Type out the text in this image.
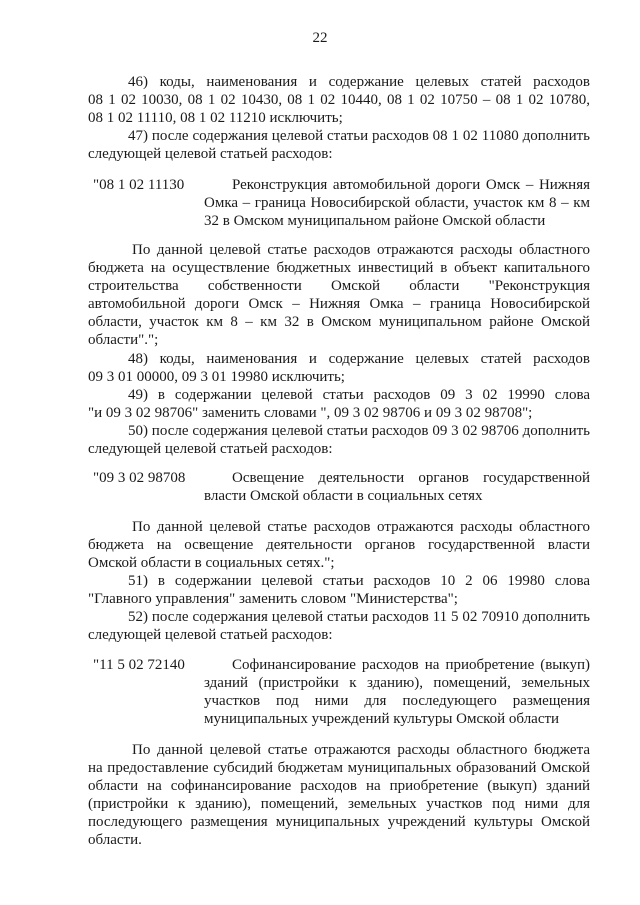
22
46) коды, наименования и содержание целевых статей расходов
08 1 02 10030, 08 1 02 10430, 08 1 02 10440, 08 1 02 10750 – 08 1 02 10780,
08 1 02 11110, 08 1 02 11210 исключить;
47) после содержания целевой статьи расходов 08 1 02 11080 дополнить
следующей целевой статьей расходов:
"08 1 02 11130	Реконструкция автомобильной дороги Омск – Нижняя
Омка – граница Новосибирской области, участок км 8 – км
32 в Омском муниципальном районе Омской области
По данной целевой статье расходов отражаются расходы областного
бюджета на осуществление бюджетных инвестиций в объект капитального
строительства собственности Омской области "Реконструкция
автомобильной дороги Омск – Нижняя Омка – граница Новосибирской
области, участок км 8 – км 32 в Омском муниципальном районе Омской
области".";
48) коды, наименования и содержание целевых статей расходов
09 3 01 00000, 09 3 01 19980 исключить;
49) в содержании целевой статьи расходов 09 3 02 19990 слова
"и 09 3 02 98706" заменить словами ", 09 3 02 98706 и 09 3 02 98708";
50) после содержания целевой статьи расходов 09 3 02 98706 дополнить
следующей целевой статьей расходов:
"09 3 02 98708	Освещение деятельности органов государственной
власти Омской области в социальных сетях
По данной целевой статье расходов отражаются расходы областного
бюджета на освещение деятельности органов государственной власти
Омской области в социальных сетях.";
51) в содержании целевой статьи расходов 10 2 06 19980 слова
"Главного управления" заменить словом "Министерства";
52) после содержания целевой статьи расходов 11 5 02 70910 дополнить
следующей целевой статьей расходов:
"11 5 02 72140	Софинансирование расходов на приобретение (выкуп)
зданий (пристройки к зданию), помещений, земельных
участков под ними для последующего размещения
муниципальных учреждений культуры Омской области
По данной целевой статье отражаются расходы областного бюджета
на предоставление субсидий бюджетам муниципальных образований Омской
области на софинансирование расходов на приобретение (выкуп) зданий
(пристройки к зданию), помещений, земельных участков под ними для
последующего размещения муниципальных учреждений культуры Омской
области.
